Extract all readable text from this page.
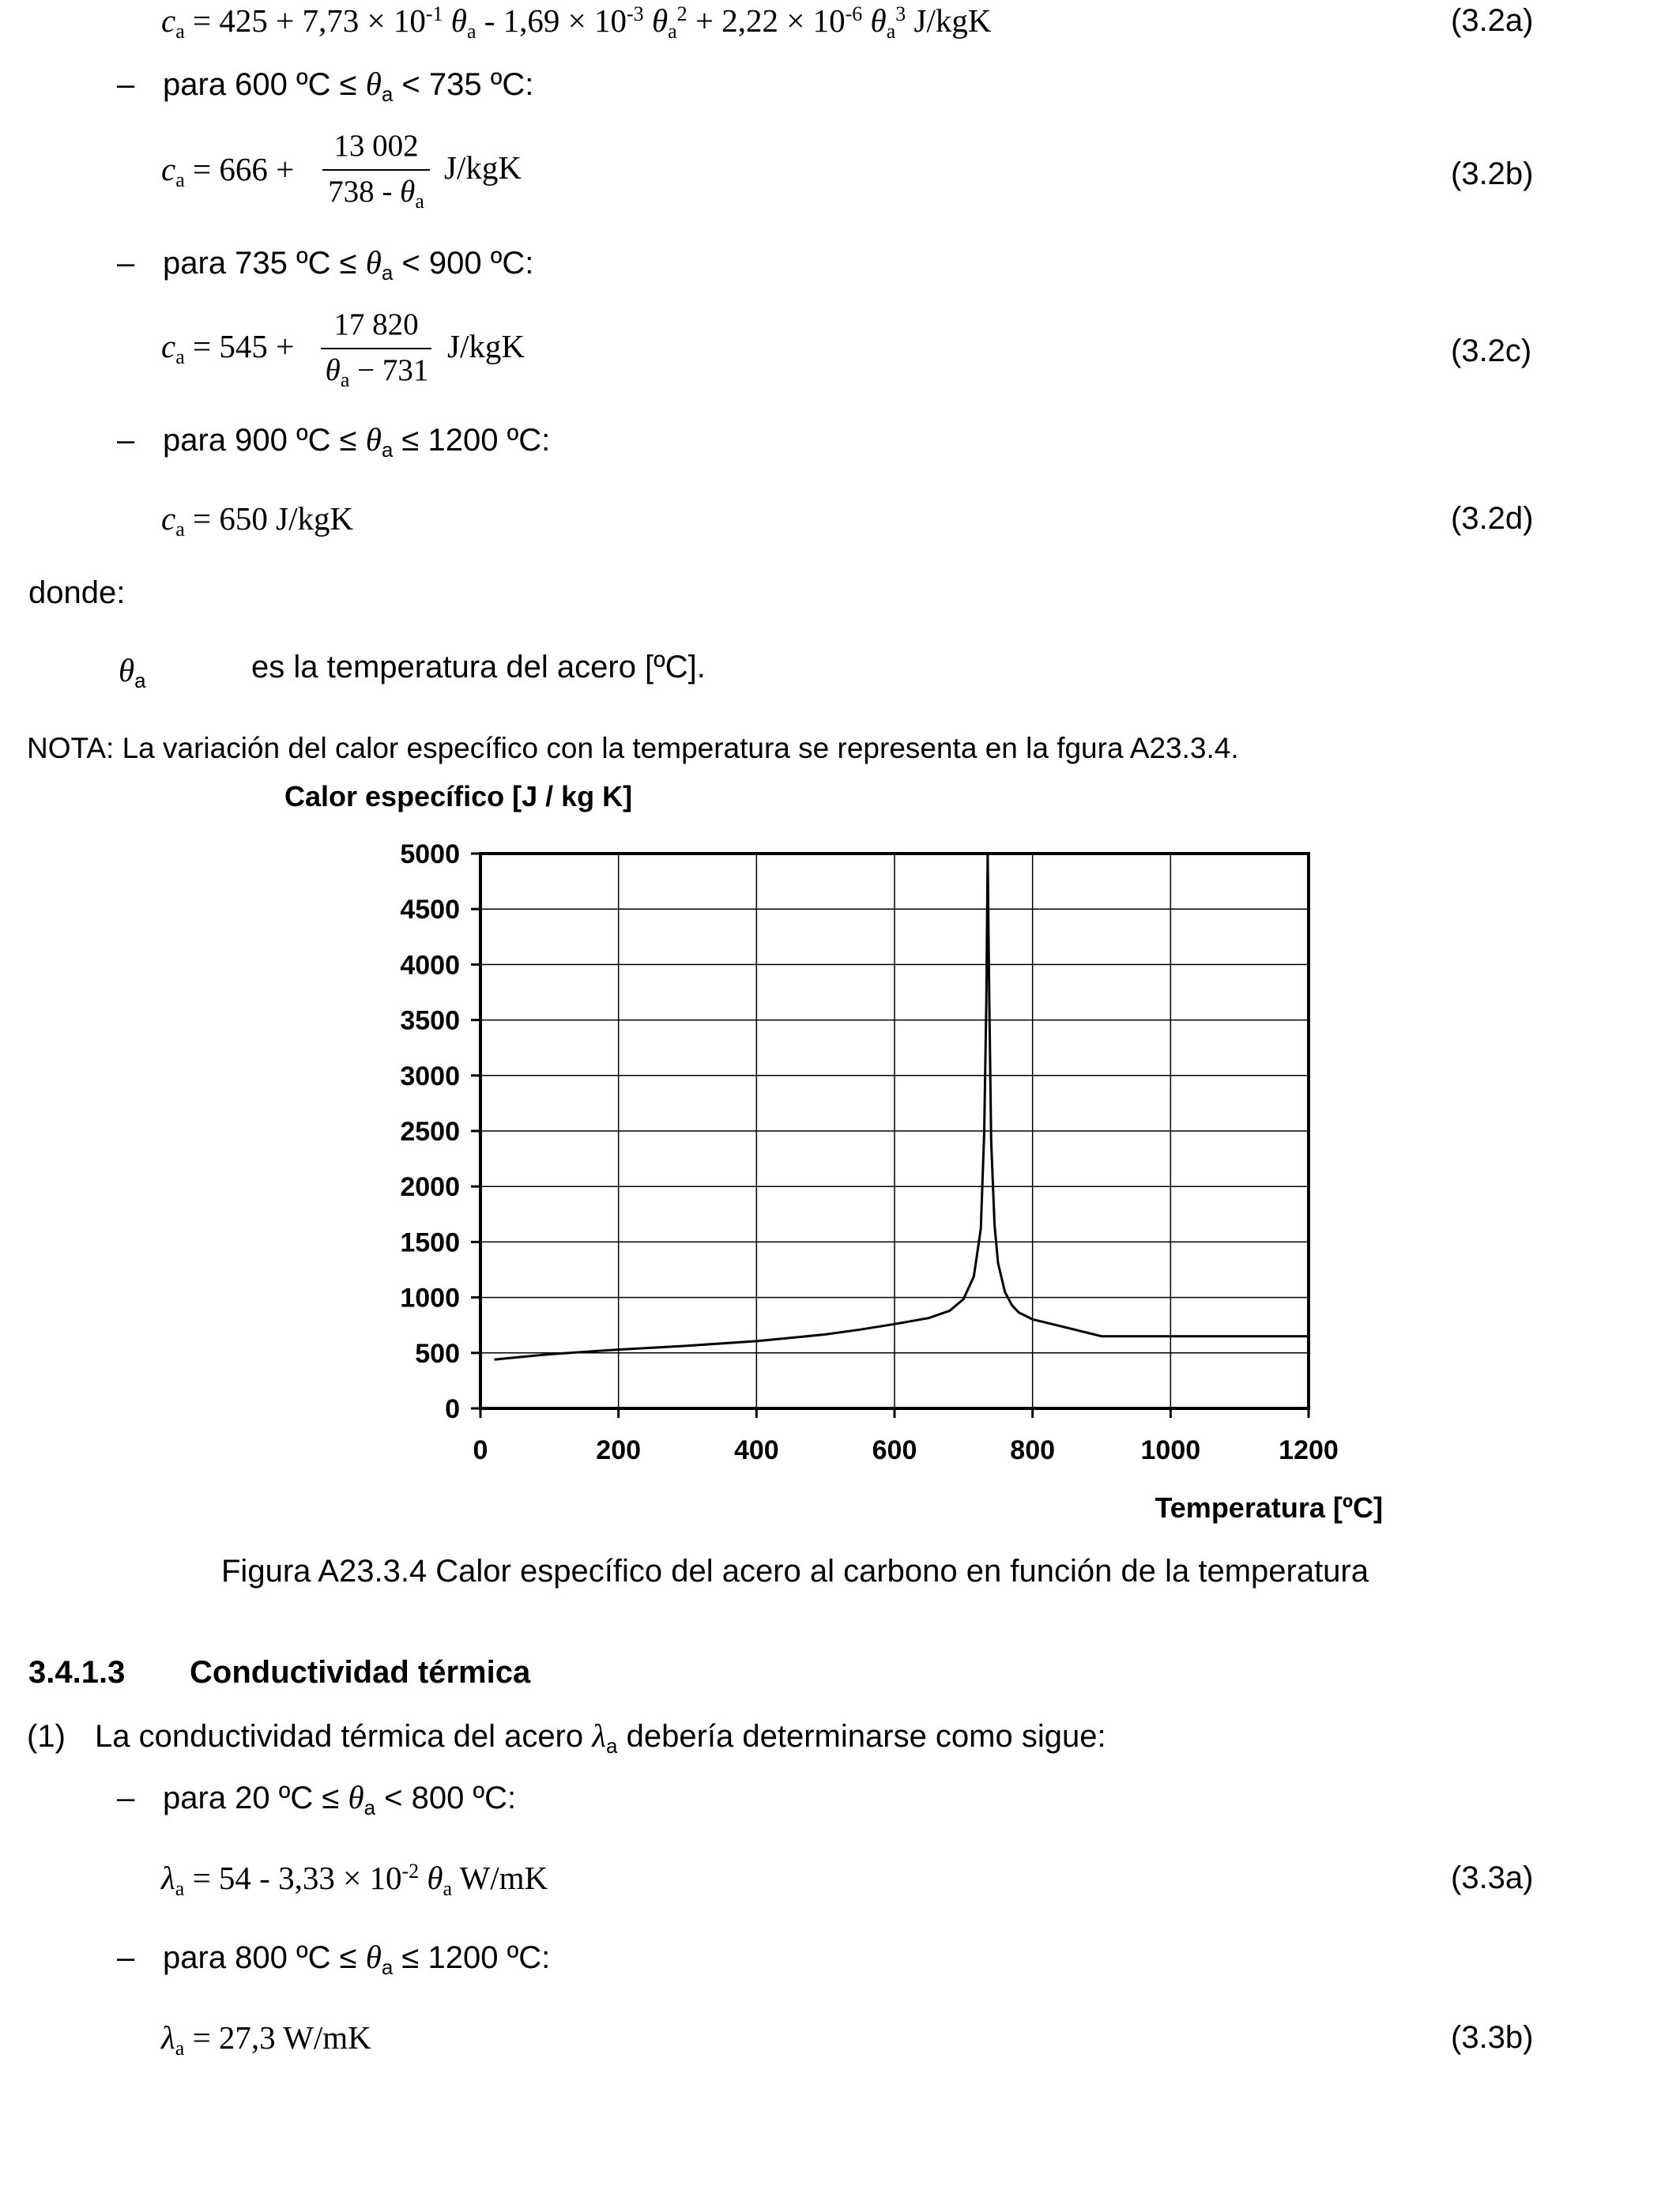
$c_a = 425 + 7,73 \times 10^{-1}$ $\theta_a - 1,69 \times 10^{-3}$ $\theta_a^2 + 2,22 \times 10^{-6}$ $\theta_a^3$ J/kgK	(3.2a)
– para 600 ºC ≤ $\theta_a < 735$ ºC:
$c_a = 666$ +
13 002
$738 - \theta_a$
J/kgK	(3.2b)
– para 735 ºC ≤ $\theta_a < 900$ ºC:
$c_a = 545$ +
17 820
$\theta_a - 731$
J/kgK	(3.2c)
– para 900 ºC ≤ $\theta_a \le 1200$ ºC:
$c_a = 650$ J/kgK	(3.2d)
donde:
$\theta_a$	es la temperatura del acero [ºC].
NOTA: La variación del calor específico con la temperatura se representa en la fgura A23.3.4.
Calor específico [J / kg K]
Temperatura [ºC]
0
500
1000
1500
2000
2500
3000
3500
4000
4500
5000
0	200	400	600	800	1000	1200
Figura A23.3.4 Calor específico del acero al carbono en función de la temperatura
3.4.1.3 Conductividad térmica
(1) La conductividad térmica del acero $\lambda_a$ debería determinarse como sigue:
– para 20 ºC ≤ $\theta_a < 800$ ºC:
$\lambda_a = 54 - 3,33 \times 10^{-2}$ $\theta_a$ W/mK	(3.3a)
– para 800 ºC ≤ $\theta_a \le 1200$ ºC:
$\lambda_a = 27,3$ W/mK	(3.3b)
